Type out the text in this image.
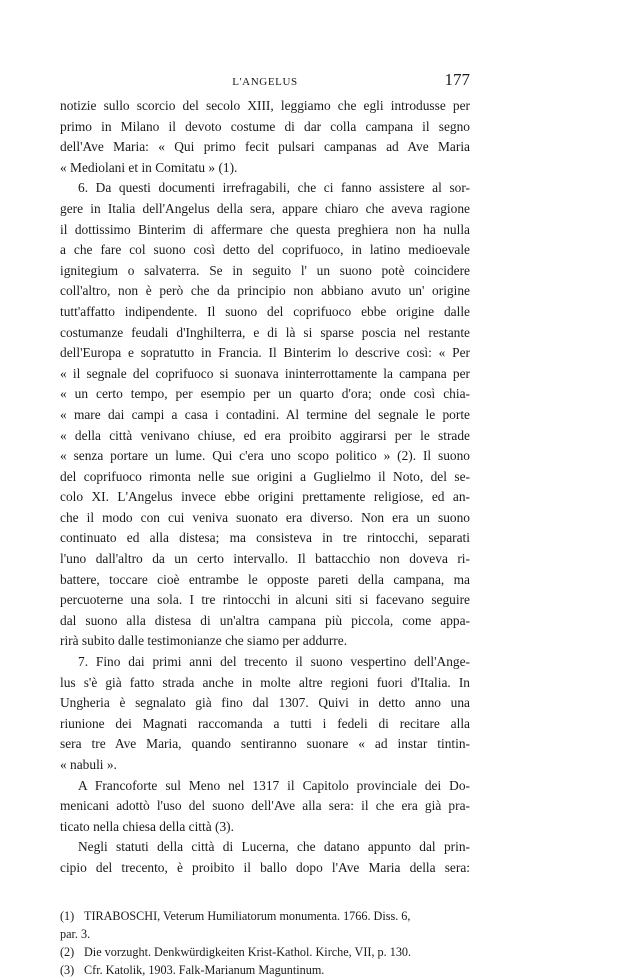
L'ANGELUS	177
notizie sullo scorcio del secolo XIII, leggiamo che egli introdusse per
primo in Milano il devoto costume di dar colla campana il segno
dell'Ave Maria: « Qui primo fecit pulsari campanas ad Ave Maria
« Mediolani et in Comitatu » (1).
6. Da questi documenti irrefragabili, che ci fanno assistere al sor-
gere in Italia dell'Angelus della sera, appare chiaro che aveva ragione
il dottissimo Binterim di affermare che questa preghiera non ha nulla
a che fare col suono così detto del coprifuoco, in latino medioevale
ignitegium o salvaterra. Se in seguito l' un suono potè coincidere
coll'altro, non è però che da principio non abbiano avuto un' origine
tutt'affatto indipendente. Il suono del coprifuoco ebbe origine dalle
costumanze feudali d'Inghilterra, e di là si sparse poscia nel restante
dell'Europa e sopratutto in Francia. Il Binterim lo descrive così: « Per
« il segnale del coprifuoco si suonava ininterrottamente la campana per
« un certo tempo, per esempio per un quarto d'ora; onde così chia-
« mare dai campi a casa i contadini. Al termine del segnale le porte
« della città venivano chiuse, ed era proibito aggirarsi per le strade
« senza portare un lume. Qui c'era uno scopo politico » (2). Il suono
del coprifuoco rimonta nelle sue origini a Guglielmo il Noto, del se-
colo XI. L'Angelus invece ebbe origini prettamente religiose, ed an-
che il modo con cui veniva suonato era diverso. Non era un suono
continuato ed alla distesa; ma consisteva in tre rintocchi, separati
l'uno dall'altro da un certo intervallo. Il battacchio non doveva ri-
battere, toccare cioè entrambe le opposte pareti della campana, ma
percuoterne una sola. I tre rintocchi in alcuni siti si facevano seguire
dal suono alla distesa di un'altra campana più piccola, come appa-
rirà subito dalle testimonianze che siamo per addurre.
7. Fino dai primi anni del trecento il suono vespertino dell'Ange-
lus s'è già fatto strada anche in molte altre regioni fuori d'Italia. In
Ungheria è segnalato già fino dal 1307. Quivi in detto anno una
riunione dei Magnati raccomanda a tutti i fedeli di recitare alla
sera tre Ave Maria, quando sentiranno suonare « ad instar tintin-
« nabuli ».
A Francoforte sul Meno nel 1317 il Capitolo provinciale dei Do-
menicani adottò l'uso del suono dell'Ave alla sera: il che era già pra-
ticato nella chiesa della città (3).
Negli statuti della città di Lucerna, che datano appunto dal prin-
cipio del trecento, è proibito il ballo dopo l'Ave Maria della sera:
(1) TIRABOSCHI, Veterum Humiliatorum monumenta. 1766. Diss. 6,
par. 3.
(2) Die vorzught. Denkwürdigkeiten Krist-Kathol. Kirche, VII, p. 130.
(3) Cfr. Katolik, 1903. Falk-Marianum Maguntinum.
